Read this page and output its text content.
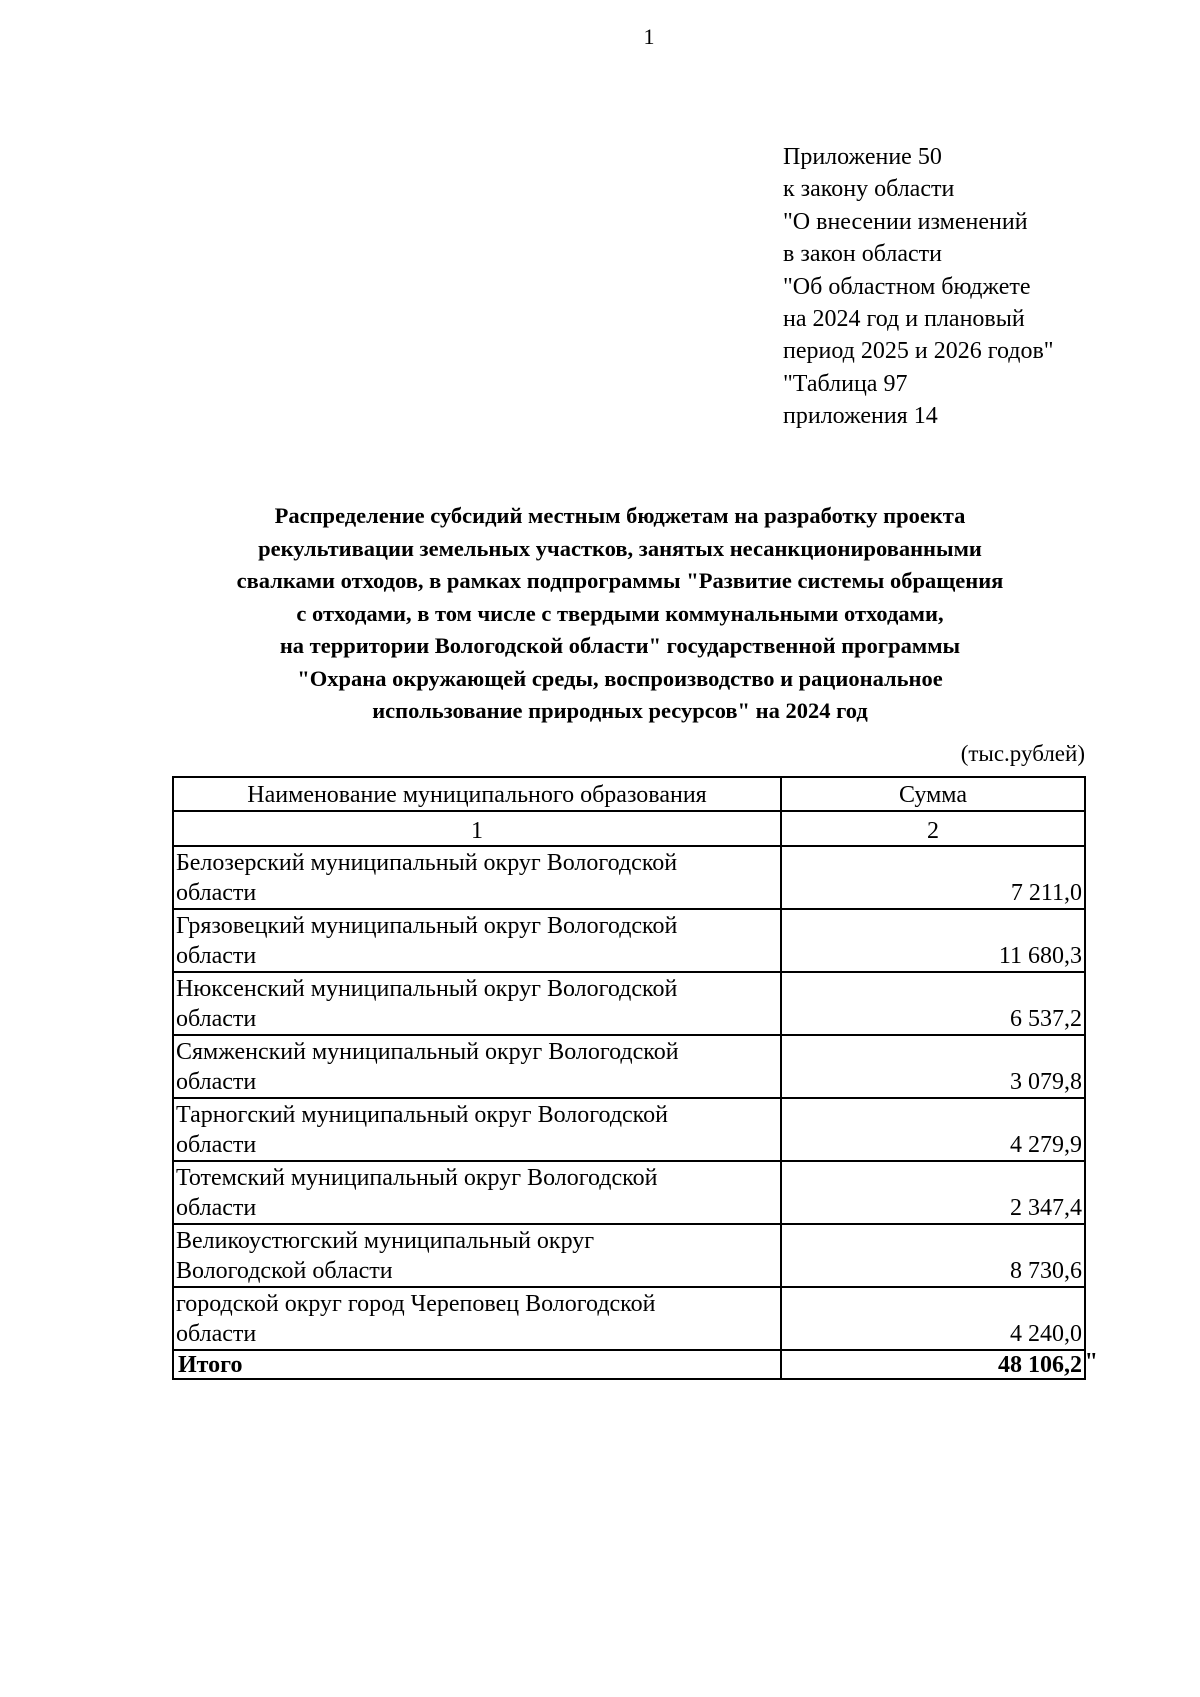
1
Приложение 50
к закону области
"О внесении изменений
в закон области
"Об областном бюджете
на 2024 год и плановый
период 2025 и 2026 годов"
"Таблица 97
приложения 14
Распределение субсидий местным бюджетам на разработку проекта
рекультивации земельных участков, занятых несанкционированными
свалками отходов, в рамках подпрограммы "Развитие системы обращения
с отходами, в том числе с твердыми коммунальными отходами,
на территории Вологодской области" государственной программы
"Охрана окружающей среды, воспроизводство и рациональное
использование природных ресурсов" на 2024 год
(тыс.рублей)
Наименование муниципального образования	Сумма
1	2
Белозерский муниципальный округ Вологодской
области	7 211,0
Грязовецкий муниципальный округ Вологодской
области	11 680,3
Нюксенский муниципальный округ Вологодской
области	6 537,2
Сямженский муниципальный округ Вологодской
области	3 079,8
Тарногский муниципальный округ Вологодской
области	4 279,9
Тотемский муниципальный округ Вологодской
области	2 347,4
Великоустюгский муниципальный округ
Вологодской области	8 730,6
городской округ город Череповец Вологодской
области	4 240,0
Итого	48 106,2 "
